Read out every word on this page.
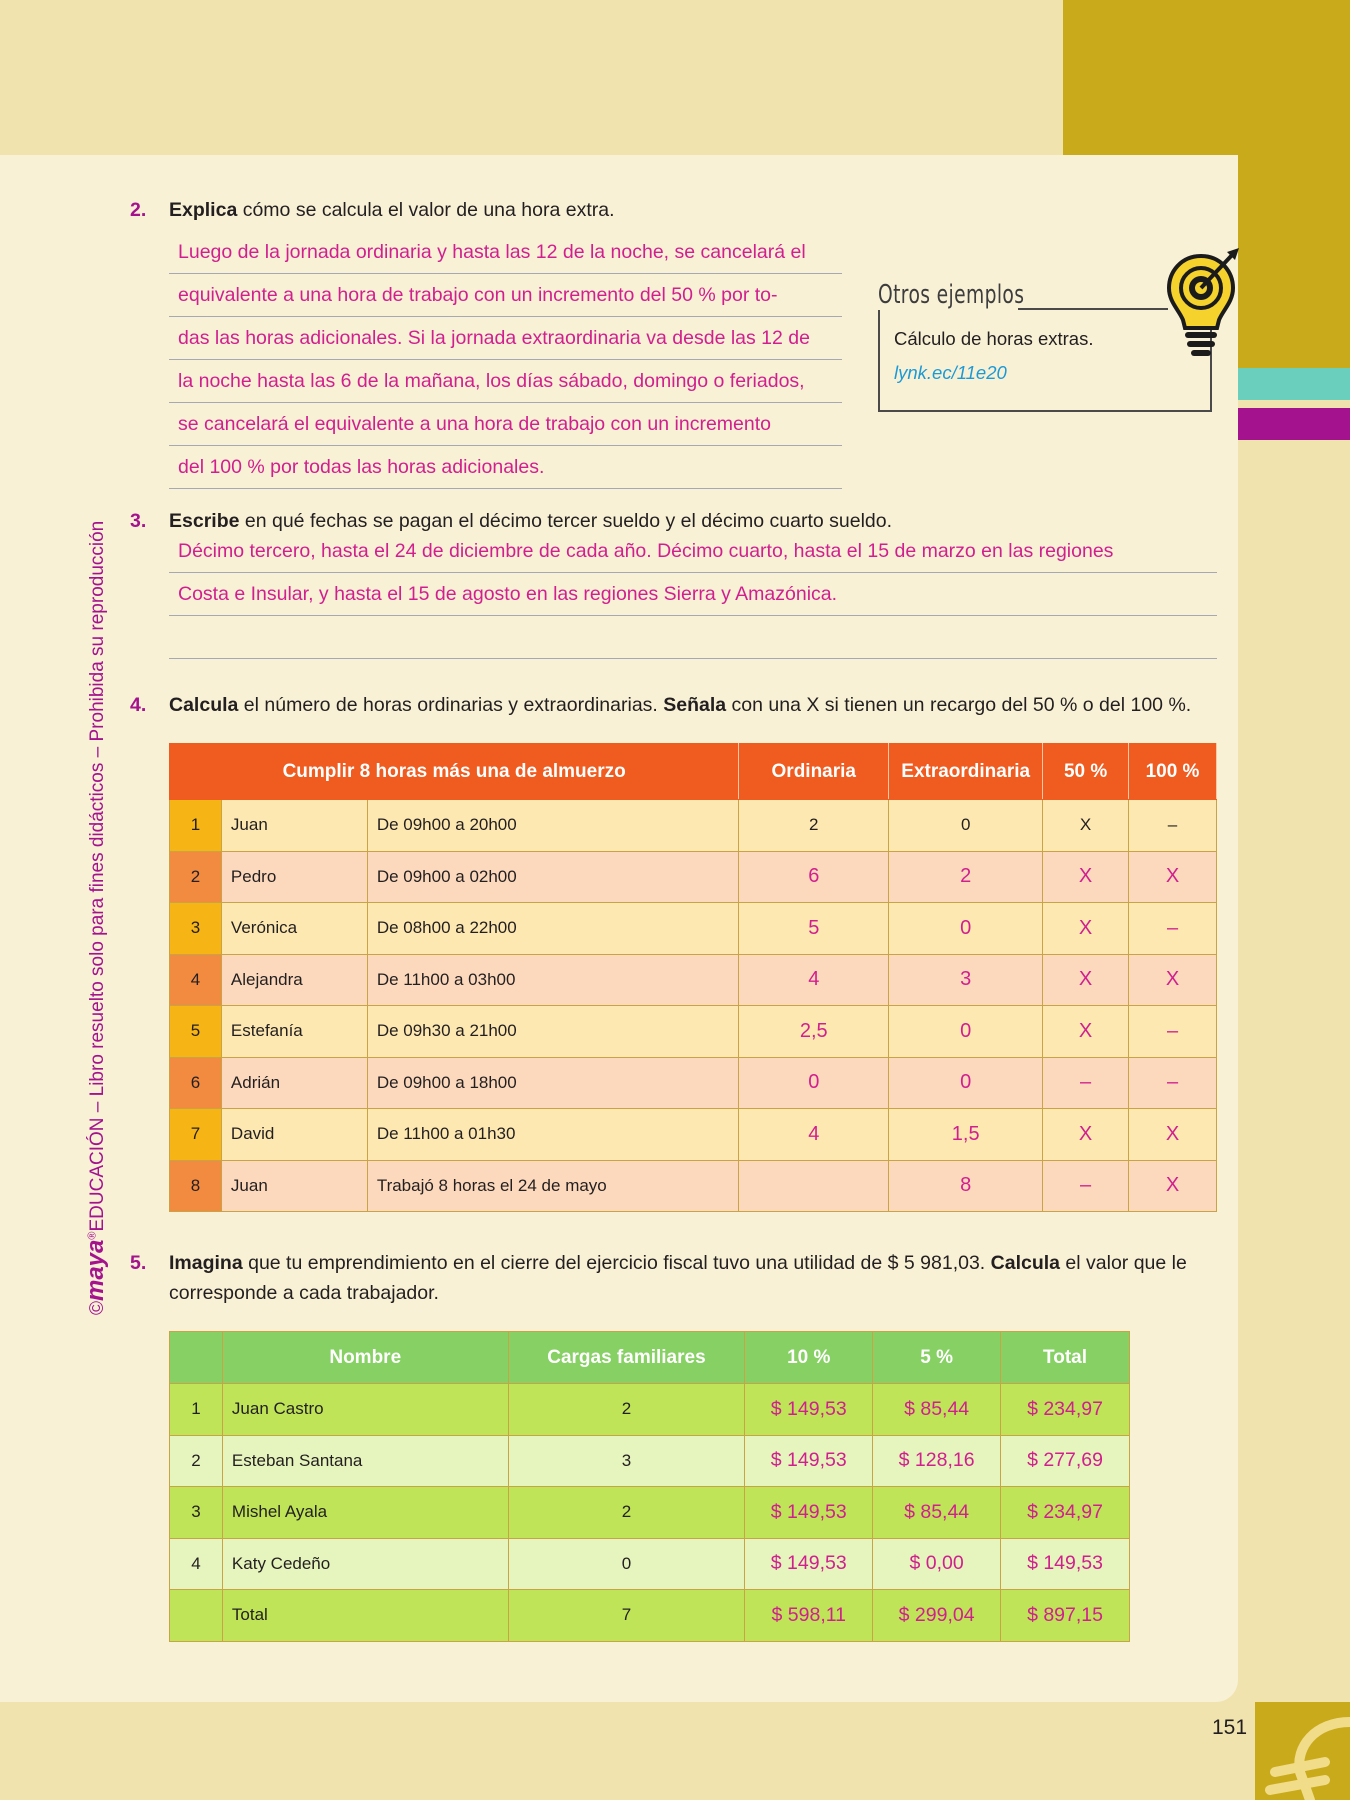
©maya®EDUCACIÓN – Libro resuelto solo para fines didácticos – Prohibida su reproducción
2. Explica cómo se calcula el valor de una hora extra.
Luego de la jornada ordinaria y hasta las 12 de la noche, se cancelará el
equivalente a una hora de trabajo con un incremento del 50 % por to-
das las horas adicionales. Si la jornada extraordinaria va desde las 12 de
la noche hasta las 6 de la mañana, los días sábado, domingo o feriados,
se cancelará el equivalente a una hora de trabajo con un incremento
del 100 % por todas las horas adicionales.
Otros ejemplos
Cálculo de horas extras.
lynk.ec/11e20
3. Escribe en qué fechas se pagan el décimo tercer sueldo y el décimo cuarto sueldo.
Décimo tercero, hasta el 24 de diciembre de cada año. Décimo cuarto, hasta el 15 de marzo en las regiones
Costa e Insular, y hasta el 15 de agosto en las regiones Sierra y Amazónica.
4. Calcula el número de horas ordinarias y extraordinarias. Señala con una X si tienen un recargo del 50 % o del 100 %.
Cumplir 8 horas más una de almuerzo			Ordinaria	Extraordinaria	50 %	100 %
1	Juan	De 09h00 a 20h00	2	0	X	–
2	Pedro	De 09h00 a 02h00	6	2	X	X
3	Verónica	De 08h00 a 22h00	5	0	X	–
4	Alejandra	De 11h00 a 03h00	4	3	X	X
5	Estefanía	De 09h30 a 21h00	2,5	0	X	–
6	Adrián	De 09h00 a 18h00	0	0	–	–
7	David	De 11h00 a 01h30	4	1,5	X	X
8	Juan	Trabajó 8 horas el 24 de mayo		8	–	X
5. Imagina que tu emprendimiento en el cierre del ejercicio fiscal tuvo una utilidad de $ 5 981,03. Calcula el valor que le corresponde a cada trabajador.
	Nombre	Cargas familiares	10 %	5 %	Total
1	Juan Castro	2	$ 149,53	$ 85,44	$ 234,97
2	Esteban Santana	3	$ 149,53	$ 128,16	$ 277,69
3	Mishel Ayala	2	$ 149,53	$ 85,44	$ 234,97
4	Katy Cedeño	0	$ 149,53	$ 0,00	$ 149,53
	Total	7	$ 598,11	$ 299,04	$ 897,15
151
